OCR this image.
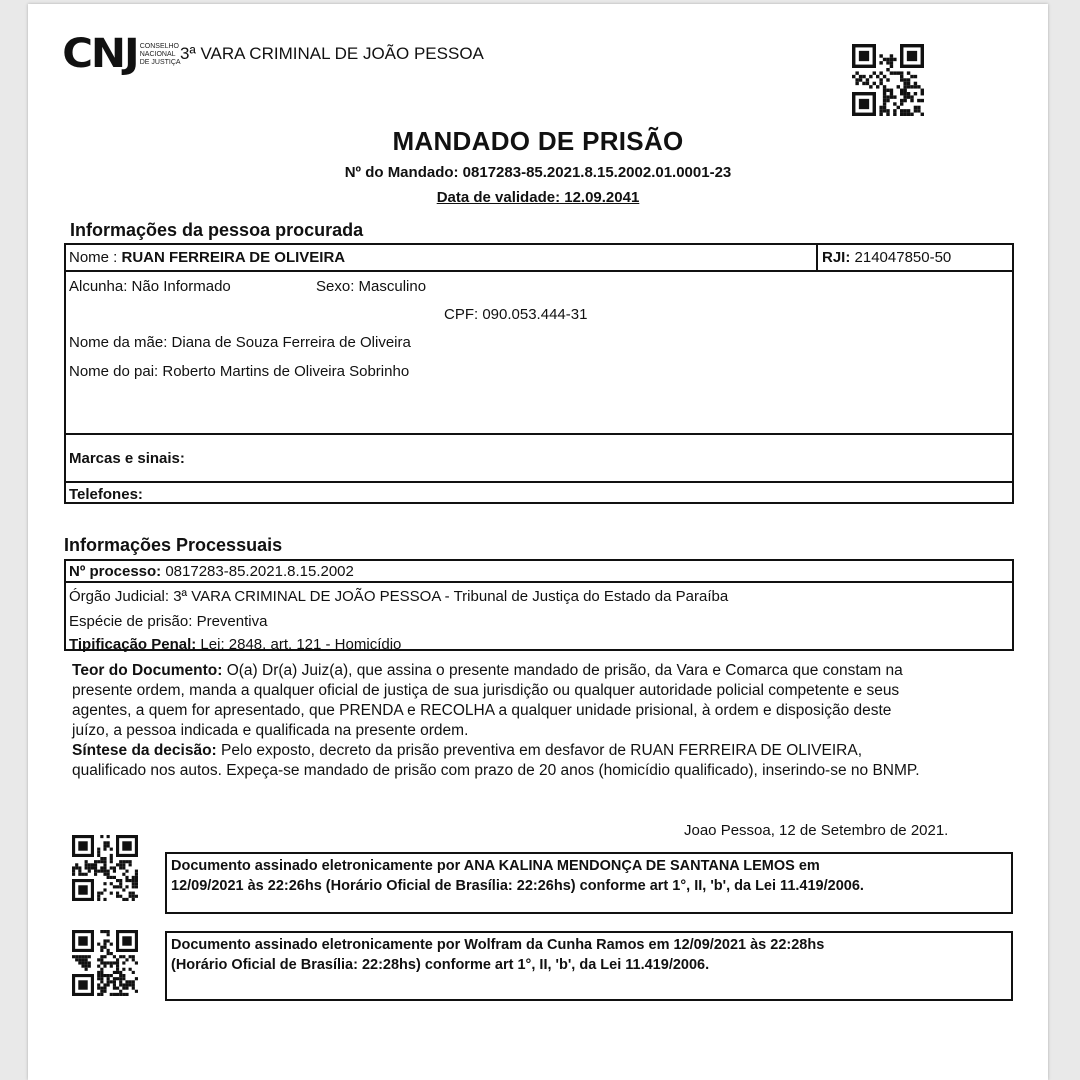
CNJ CONSELHO NACIONAL DE JUSTIÇA 3ª VARA CRIMINAL DE JOÃO PESSOA
MANDADO DE PRISÃO
Nº do Mandado: 0817283-85.2021.8.15.2002.01.0001-23
Data de validade: 12.09.2041
Informações da pessoa procurada
Nome : RUAN FERREIRA DE OLIVEIRA	RJI: 214047850-50
Alcunha: Não Informado	Sexo: Masculino
CPF: 090.053.444-31
Nome da mãe: Diana de Souza Ferreira de Oliveira
Nome do pai: Roberto Martins de Oliveira Sobrinho
Marcas e sinais:
Telefones:
Informações Processuais
Nº processo: 0817283-85.2021.8.15.2002
Órgão Judicial: 3ª VARA CRIMINAL DE JOÃO PESSOA - Tribunal de Justiça do Estado da Paraíba
Espécie de prisão: Preventiva
Tipificação Penal: Lei: 2848, art. 121 - Homicídio
Teor do Documento: O(a) Dr(a) Juiz(a), que assina o presente mandado de prisão, da Vara e Comarca que constam na
presente ordem, manda a qualquer oficial de justiça de sua jurisdição ou qualquer autoridade policial competente e seus
agentes, a quem for apresentado, que PRENDA e RECOLHA a qualquer unidade prisional, à ordem e disposição deste
juízo, a pessoa indicada e qualificada na presente ordem.
Síntese da decisão: Pelo exposto, decreto da prisão preventiva em desfavor de RUAN FERREIRA DE OLIVEIRA,
qualificado nos autos. Expeça-se mandado de prisão com prazo de 20 anos (homicídio qualificado), inserindo-se no BNMP.
Joao Pessoa, 12 de Setembro de 2021.
Documento assinado eletronicamente por ANA KALINA MENDONÇA DE SANTANA LEMOS em
12/09/2021 às 22:26hs (Horário Oficial de Brasília: 22:26hs) conforme art 1°, II, 'b', da Lei 11.419/2006.
Documento assinado eletronicamente por Wolfram da Cunha Ramos em 12/09/2021 às 22:28hs
(Horário Oficial de Brasília: 22:28hs) conforme art 1°, II, 'b', da Lei 11.419/2006.
